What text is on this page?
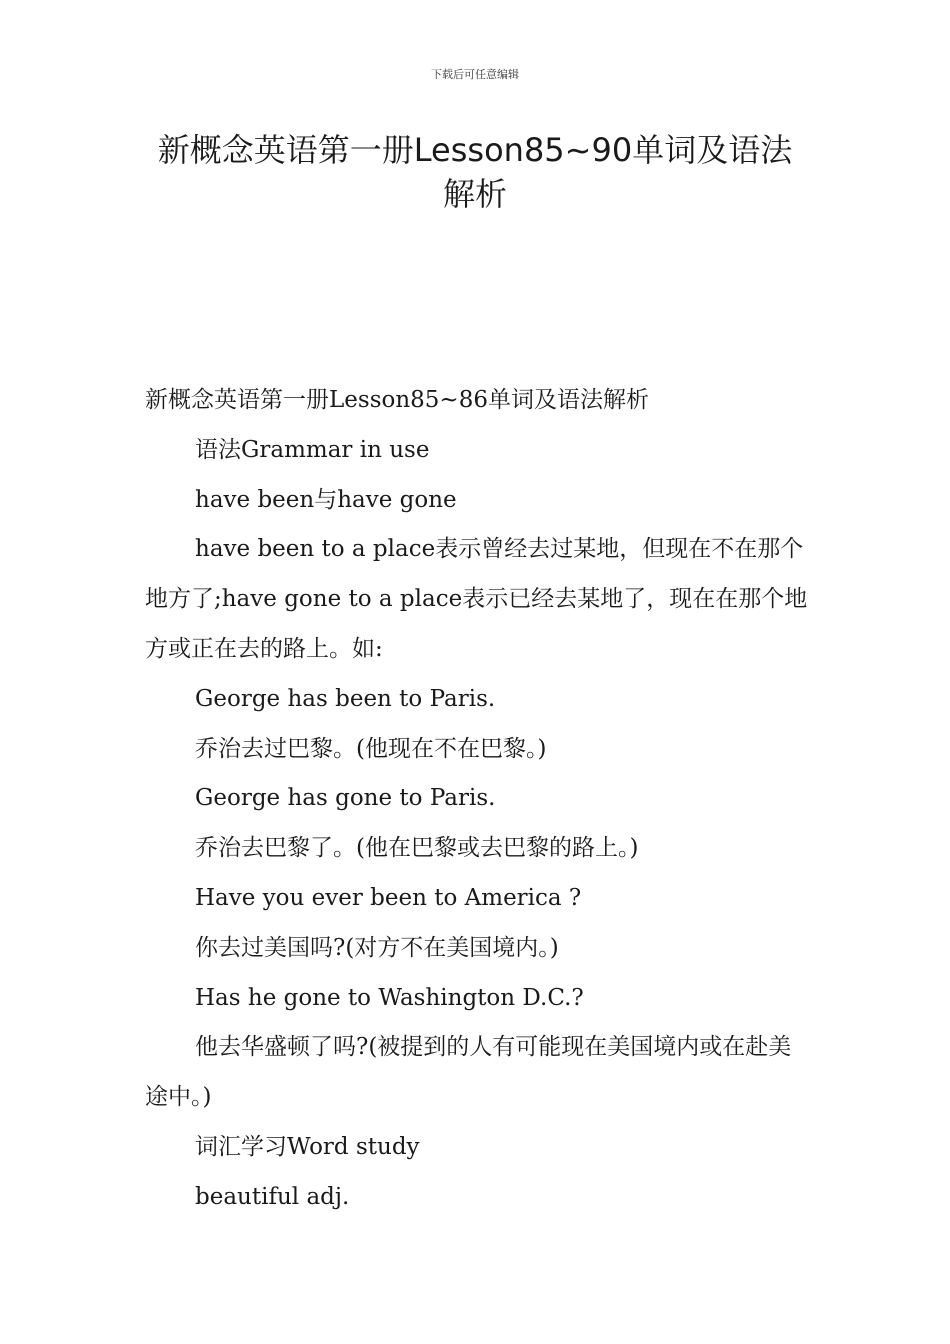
下载后可任意编辑
新概念英语第一册Lesson85~90单词及语法解析

新概念英语第一册Lesson85~86单词及语法解析

语法Grammar in use

have been与have gone

have been to a place表示曾经去过某地，但现在不在那个地方了;have gone to a place表示已经去某地了，现在在那个地方或正在去的路上。如:

George has been to Paris.

乔治去过巴黎。(他现在不在巴黎。)

George has gone to Paris.

乔治去巴黎了。(他在巴黎或去巴黎的路上。)

Have you ever been to America ?

你去过美国吗?(对方不在美国境内。)

Has he gone to Washington D.C.?

他去华盛顿了吗?(被提到的人有可能现在美国境内或在赴美途中。)

词汇学习Word study

beautiful adj.
